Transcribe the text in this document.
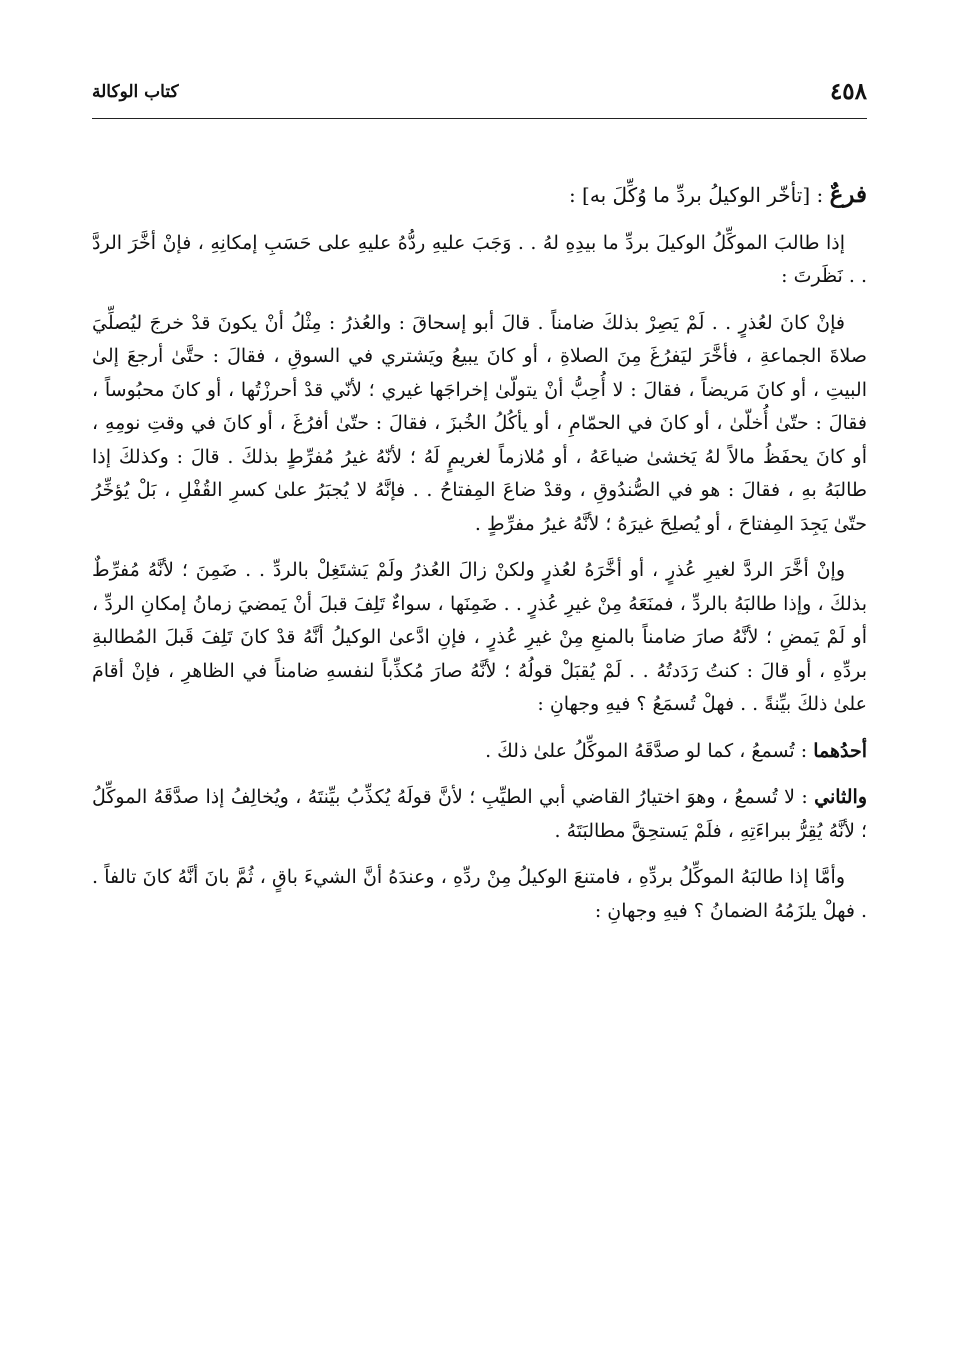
٤٥٨
كتاب الوكالة

فرعٌ : [تأخّر الوكيلُ بردِّ ما وُكِّلَ به] :

إذا طالبَ الموكِّلُ الوكيلَ بردِّ ما بيدِهِ لهُ . . وَجَبَ عليهِ ردُّهُ عليهِ على حَسَبِ إمكانِهِ ، فإنْ أخَّرَ الردَّ . . نَظَرتَ :

فإنْ كانَ لعُذرٍ . . لَمْ يَصِرْ بذلكَ ضامناً . قالَ أبو إسحاقَ : والعُذرُ : مِثْلُ أنْ يكونَ قدْ خرجَ ليُصلِّيَ صلاةَ الجماعةِ ، فأخَّرَ ليَفرُغَ مِنَ الصلاةِ ، أو كانَ يبيعُ ويَشتري في السوقِ ، فقالَ : حتَّىٰ أرجعَ إلىٰ البيتِ ، أو كانَ مَريضاً ، فقالَ : لا أُحِبُّ أنْ يتولّىٰ إخراجَها غيري ؛ لأنّي قدْ أحرزْتُها ، أو كانَ محبُوساً ، فقالَ : حتّىٰ أُخلّىٰ ، أو كانَ في الحمّامِ ، أو يأكُلُ الخُبزَ ، فقالَ : حتّىٰ أفرُغَ ، أو كانَ في وقتِ نومِهِ ، أو كانَ يحفَظُ مالاً لهُ يَخشىٰ ضياعَهُ ، أو مُلازماً لغريمٍ لَهُ ؛ لأنّهُ غيرُ مُفرِّطٍ بذلكَ . قالَ : وكذلكَ إذا طالبَهُ بهِ ، فقالَ : هو في الصُّندُوقِ ، وقدْ ضاعَ المِفتاحُ . . فإنَّهُ لا يُجبَرُ علىٰ كسرِ القُفْلِ ، بَلْ يُؤخِّرُ حتّىٰ يَجِدَ المِفتاحَ ، أو يُصلِحَ غيرَهُ ؛ لأنَّهُ غيرُ مفرِّطٍ .

وإنْ أخَّرَ الردَّ لغيرِ عُذرٍ ، أو أخَّرَهُ لعُذرٍ ولكنْ زالَ العُذرُ ولَمْ يَشتَغِلْ بالردِّ . . ضَمِنَ ؛ لأنَّهُ مُفرِّطٌ بذلكَ ، وإذا طالبَهُ بالردِّ ، فمنَعَهُ مِنْ غيرِ عُذرٍ . . ضَمِنَها ، سواءٌ تَلِفَ قبلَ أنْ يَمضيَ زمانُ إمكانِ الردِّ ، أو لَمْ يَمضِ ؛ لأنَّهُ صارَ ضامناً بالمنعِ مِنْ غيرِ عُذرٍ ، فإنِ ادَّعىٰ الوكيلُ أنَّهُ قدْ كانَ تَلِفَ قَبلَ المُطالبةِ بردِّهِ ، أو قالَ : كنتُ رَدَدتُهُ . . لَمْ يُقبَلْ قولُهُ ؛ لأنَّهُ صارَ مُكذِّباً لنفسهِ ضامناً في الظاهرِ ، فإنْ أقامَ علىٰ ذلكَ بيِّنةً . . فهلْ تُسمَعُ ؟ فيهِ وجهانِ :

أحدُهما : تُسمعُ ، كما لو صدَّقَهُ الموكِّلُ علىٰ ذلكَ .

والثاني : لا تُسمعُ ، وهوَ اختيارُ القاضي أبي الطيِّبِ ؛ لأنَّ قولَهُ يُكذِّبُ بيِّنتَهُ ، ويُخالِفُ إذا صدَّقَهُ الموكِّلُ ؛ لأنَّهُ يُقِرُّ ببراءَتِهِ ، فلَمْ يَستحِقَّ مطالبَتَهُ .

وأمَّا إذا طالبَهُ الموكِّلُ بردِّهِ ، فامتنعَ الوكيلُ مِنْ ردِّهِ ، وعندَهُ أنَّ الشيءَ باقٍ ، ثُمَّ بانَ أنَّهُ كانَ تالفاً . . فهلْ يلزَمُهُ الضمانُ ؟ فيهِ وجهانِ :
